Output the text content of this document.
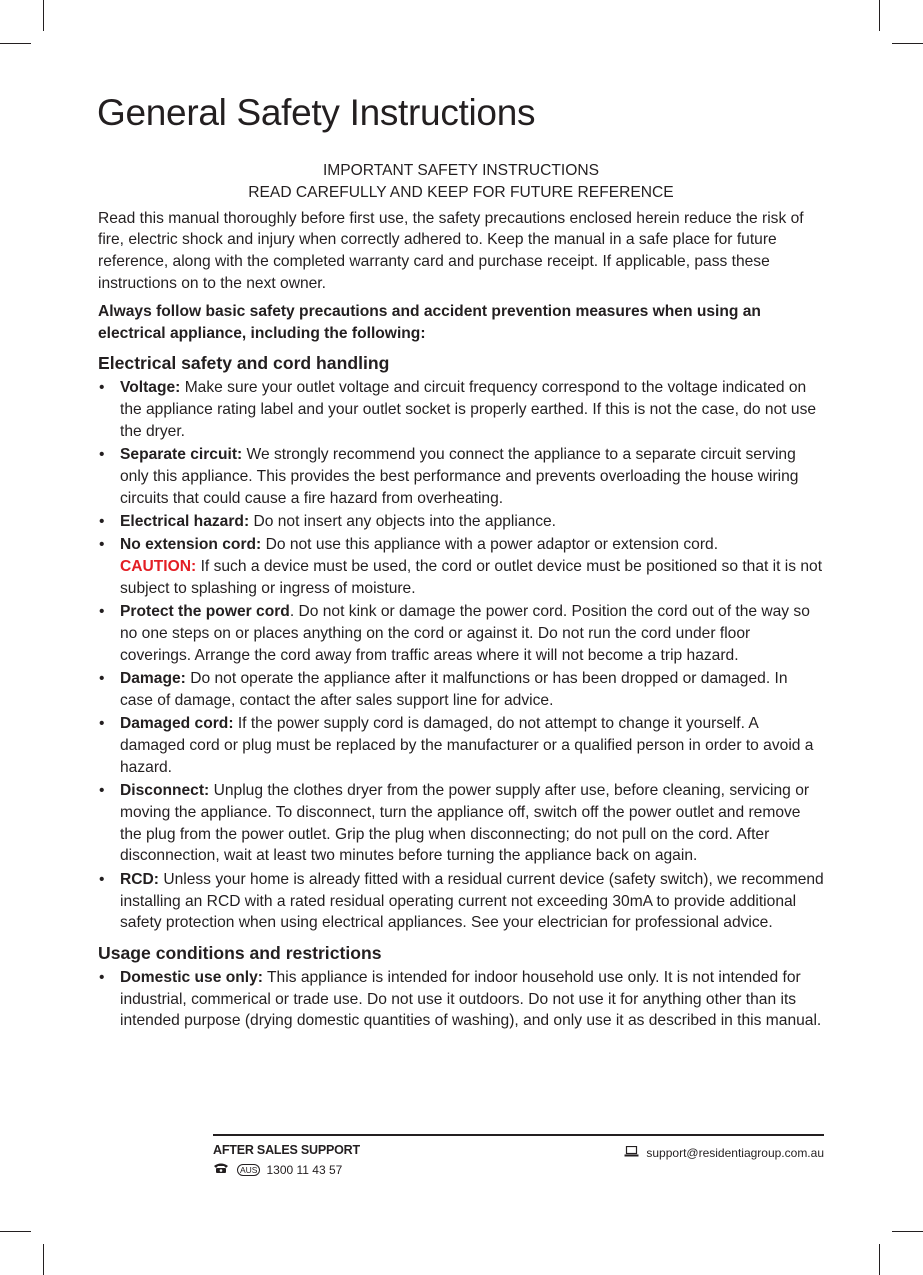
General Safety Instructions

IMPORTANT SAFETY INSTRUCTIONS

READ CAREFULLY AND KEEP FOR FUTURE REFERENCE

Read this manual thoroughly before first use, the safety precautions enclosed herein reduce the risk of fire, electric shock and injury when correctly adhered to. Keep the manual in a safe place for future reference, along with the completed warranty card and purchase receipt. If applicable, pass these instructions on to the next owner.

Always follow basic safety precautions and accident prevention measures when using an electrical appliance, including the following:

Electrical safety and cord handling
• Voltage: Make sure your outlet voltage and circuit frequency correspond to the voltage indicated on the appliance rating label and your outlet socket is properly earthed. If this is not the case, do not use the dryer.
• Separate circuit: We strongly recommend you connect the appliance to a separate circuit serving only this appliance. This provides the best performance and prevents overloading the house wiring circuits that could cause a fire hazard from overheating.
• Electrical hazard: Do not insert any objects into the appliance.
• No extension cord: Do not use this appliance with a power adaptor or extension cord.
CAUTION: If such a device must be used, the cord or outlet device must be positioned so that it is not subject to splashing or ingress of moisture.
• Protect the power cord. Do not kink or damage the power cord. Position the cord out of the way so no one steps on or places anything on the cord or against it. Do not run the cord under floor coverings. Arrange the cord away from traffic areas where it will not become a trip hazard.
• Damage: Do not operate the appliance after it malfunctions or has been dropped or damaged. In case of damage, contact the after sales support line for advice.
• Damaged cord: If the power supply cord is damaged, do not attempt to change it yourself. A damaged cord or plug must be replaced by the manufacturer or a qualified person in order to avoid a hazard.
• Disconnect: Unplug the clothes dryer from the power supply after use, before cleaning, servicing or moving the appliance. To disconnect, turn the appliance off, switch off the power outlet and remove the plug from the power outlet. Grip the plug when disconnecting; do not pull on the cord. After disconnection, wait at least two minutes before turning the appliance back on again.
• RCD: Unless your home is already fitted with a residual current device (safety switch), we recommend installing an RCD with a rated residual operating current not exceeding 30mA to provide additional safety protection when using electrical appliances. See your electrician for professional advice.
Usage conditions and restrictions
• Domestic use only: This appliance is intended for indoor household use only. It is not intended for industrial, commerical or trade use. Do not use it outdoors. Do not use it for anything other than its intended purpose (drying domestic quantities of washing), and only use it as described in this manual.
AFTER SALES SUPPORT
AUS 1300 11 43 57
support@residentiagroup.com.au
